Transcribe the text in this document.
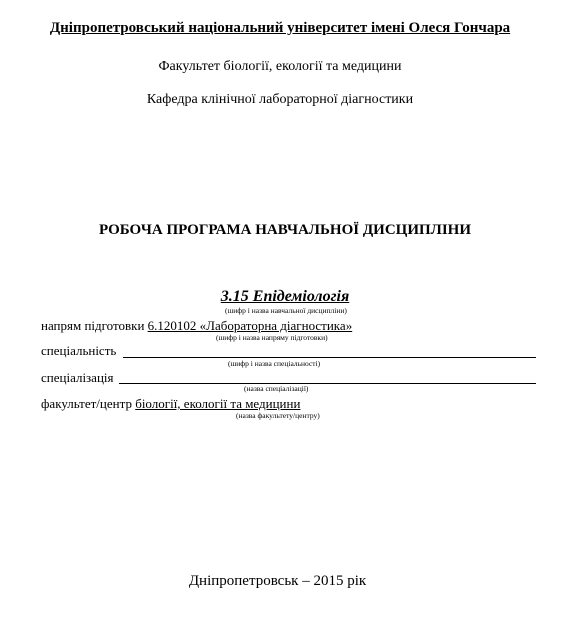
Дніпропетровський національний університет імені Олеся Гончара
Факультет біології, екології та медицини
Кафедра клінічної лабораторної діагностики
РОБОЧА ПРОГРАМА НАВЧАЛЬНОЇ ДИСЦИПЛІНИ
3.15 Епідеміологія
(шифр і назва навчальної дисципліни)
напрям підготовки 6.120102 «Лабораторна діагностика»
(шифр і назва напряму підготовки)
спеціальність
(шифр і назва спеціальності)
спеціалізація
(назва спеціалізації)
факультет/центр біології, екології та медицини
(назва факультету/центру)
Дніпропетровськ – 2015 рік
